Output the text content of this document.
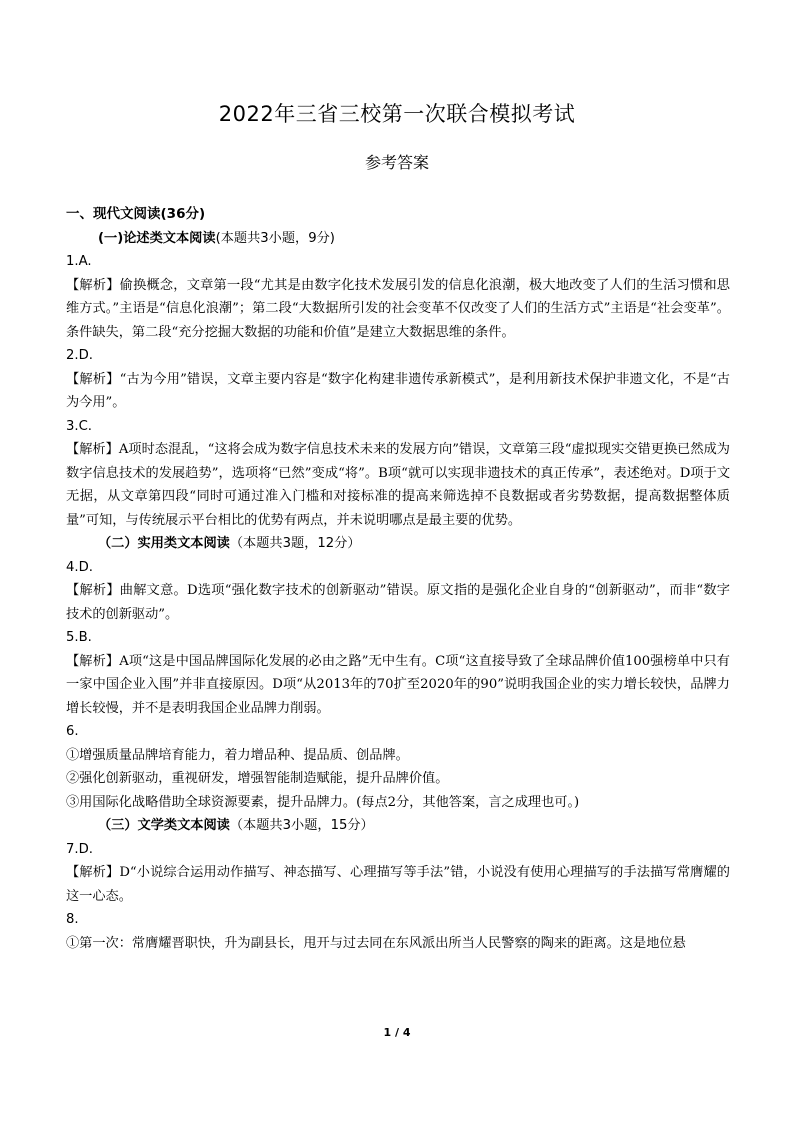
2022年三省三校第一次联合模拟考试
参考答案

一、现代文阅读(36分)

(一)论述类文本阅读(本题共3小题，9分)

1.A.

【解析】偷换概念，文章第一段“尤其是由数字化技术发展引发的信息化浪潮，极大地改变了人们的生活习惯和思维方式。”主语是“信息化浪潮”；第二段“大数据所引发的社会变革不仅改变了人们的生活方式”主语是“社会变革”。条件缺失，第二段“充分挖掘大数据的功能和价值”是建立大数据思维的条件。

2.D.

【解析】“古为今用”错误，文章主要内容是“数字化构建非遗传承新模式”，是利用新技术保护非遗文化，不是“古为今用”。

3.C.

【解析】A项时态混乱，“这将会成为数字信息技术未来的发展方向”错误，文章第三段“虚拟现实交错更换已然成为数字信息技术的发展趋势”，选项将“已然”变成“将”。B项“就可以实现非遗技术的真正传承”，表述绝对。D项于文无据，从文章第四段“同时可通过准入门槛和对接标准的提高来筛选掉不良数据或者劣势数据，提高数据整体质量”可知，与传统展示平台相比的优势有两点，并未说明哪点是最主要的优势。

（二）实用类文本阅读（本题共3题，12分）

4.D.

【解析】曲解文意。D选项“强化数字技术的创新驱动”错误。原文指的是强化企业自身的“创新驱动”，而非“数字技术的创新驱动”。

5.B.

【解析】A项“这是中国品牌国际化发展的必由之路”无中生有。C项“这直接导致了全球品牌价值100强榜单中只有一家中国企业入围”并非直接原因。D项“从2013年的70扩至2020年的90”说明我国企业的实力增长较快，品牌力增长较慢，并不是表明我国企业品牌力削弱。

6.

①增强质量品牌培育能力，着力增品种、提品质、创品牌。

②强化创新驱动，重视研发，增强智能制造赋能，提升品牌价值。

③用国际化战略借助全球资源要素，提升品牌力。(每点2分，其他答案，言之成理也可。)

（三）文学类文本阅读（本题共3小题，15分）

7.D.

【解析】D“小说综合运用动作描写、神态描写、心理描写等手法”错，小说没有使用心理描写的手法描写常膺耀的这一心态。

8.

①第一次：常膺耀晋职快，升为副县长，甩开与过去同在东风派出所当人民警察的陶来的距离。这是地位悬

1 / 4
